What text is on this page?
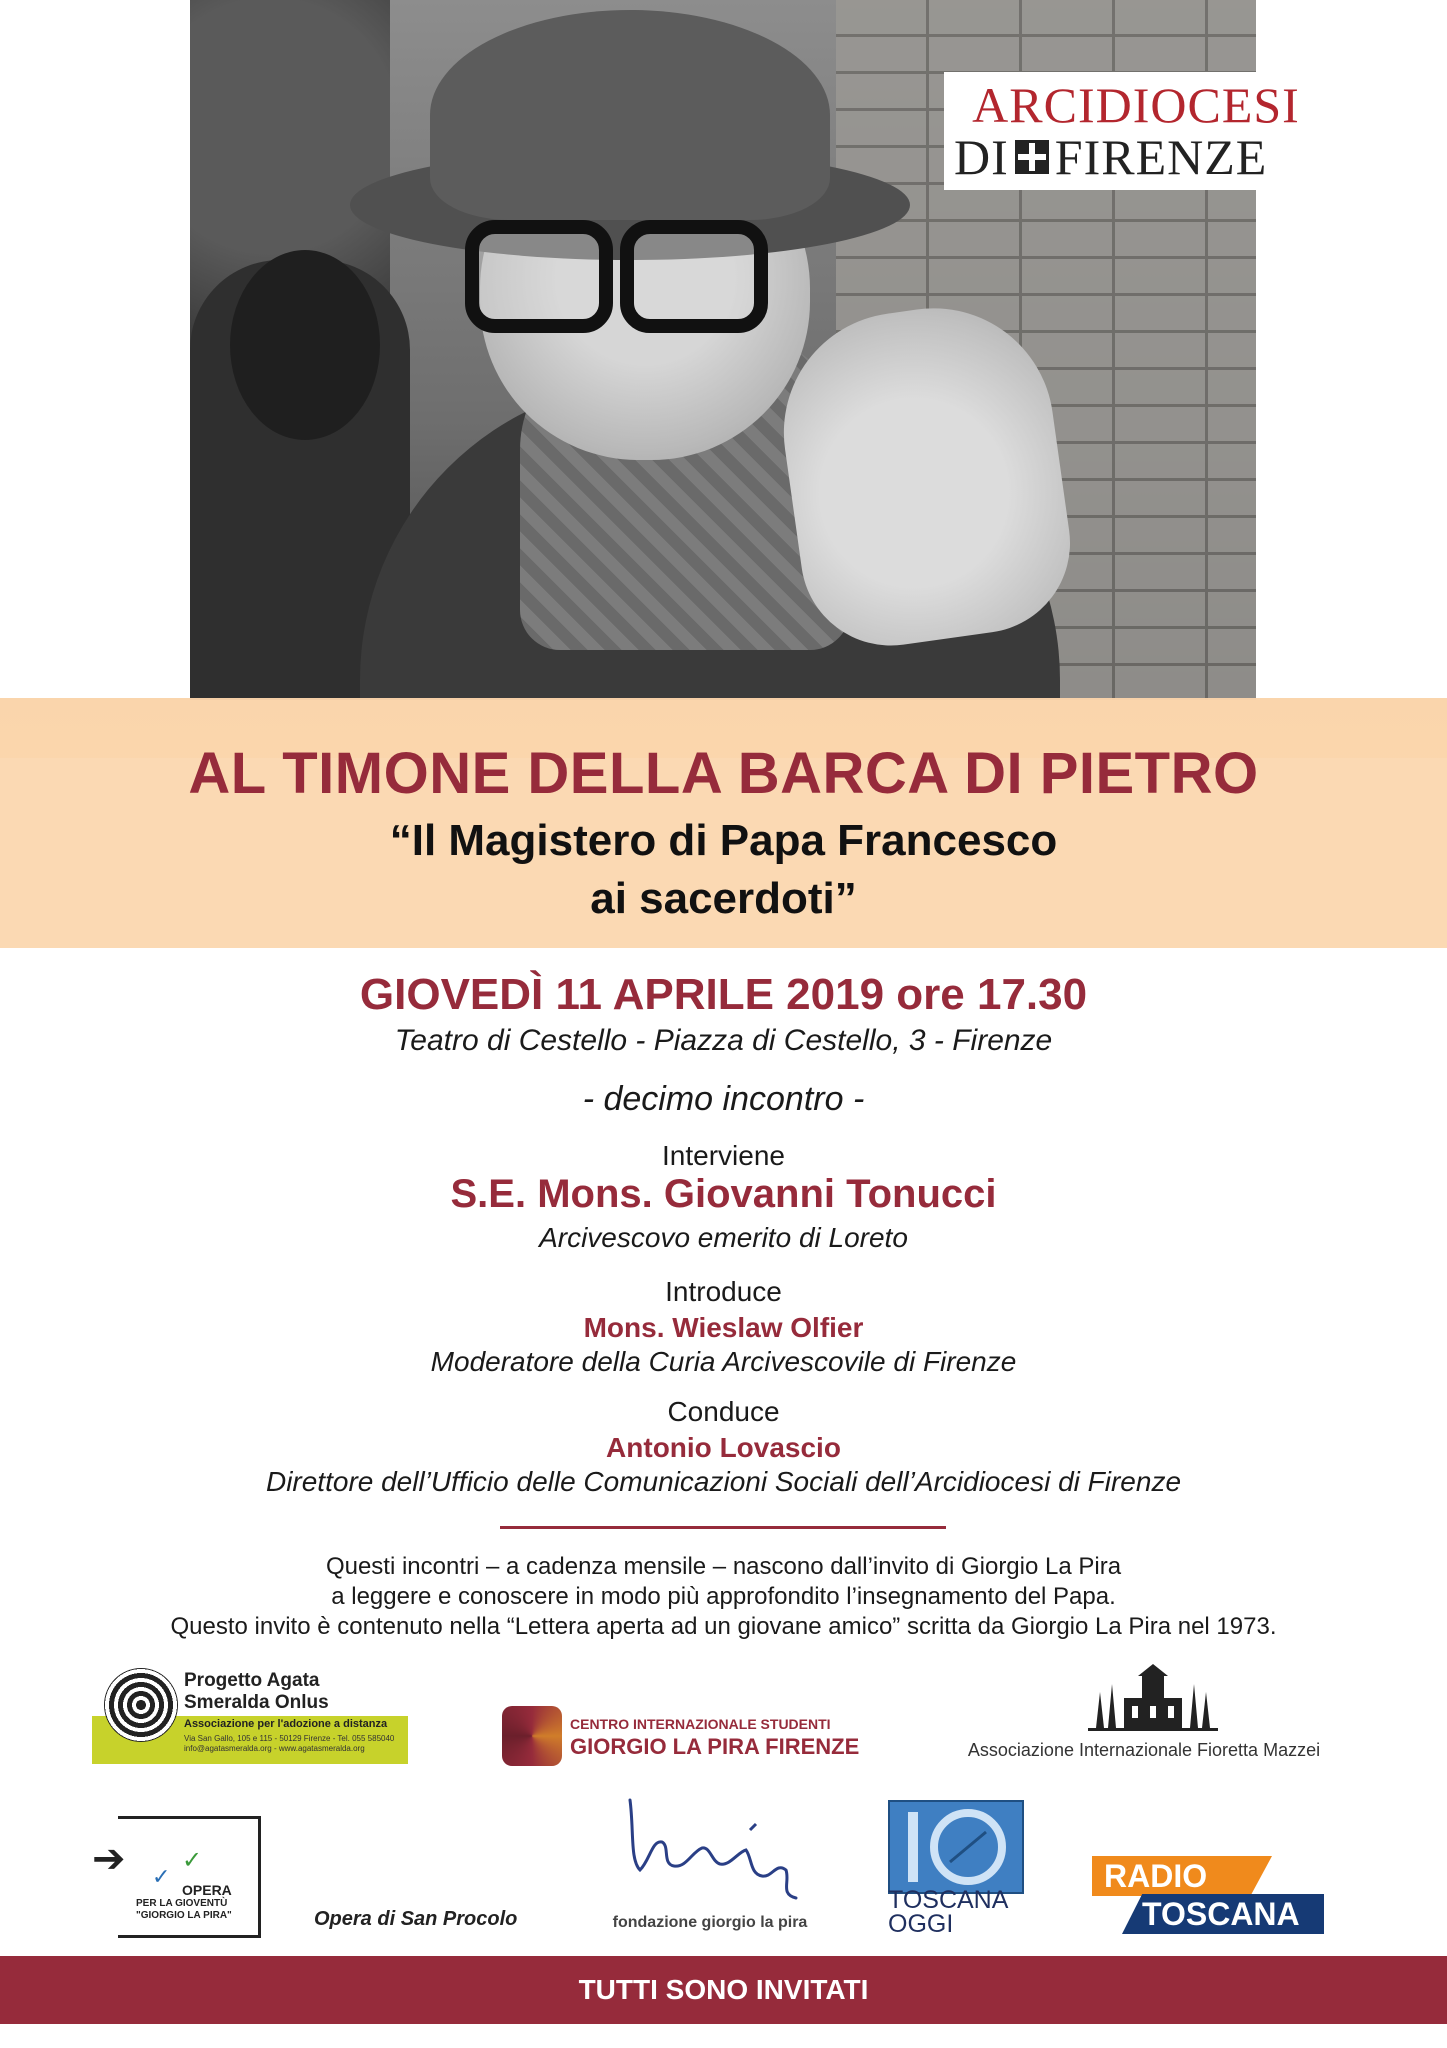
ARCIDIOCESI
DI FIRENZE
AL TIMONE DELLA BARCA DI PIETRO
“Il Magistero di Papa Francesco
ai sacerdoti”
GIOVEDÌ 11 APRILE 2019 ore 17.30
Teatro di Cestello - Piazza di Cestello, 3 - Firenze
- decimo incontro -
Interviene
S.E. Mons. Giovanni Tonucci
Arcivescovo emerito di Loreto
Introduce
Mons. Wieslaw Olfier
Moderatore della Curia Arcivescovile di Firenze
Conduce
Antonio Lovascio
Direttore dell’Ufficio delle Comunicazioni Sociali dell’Arcidiocesi di Firenze
Questi incontri – a cadenza mensile – nascono dall’invito di Giorgio La Pira
a leggere e conoscere in modo più approfondito l’insegnamento del Papa.
Questo invito è contenuto nella “Lettera aperta ad un giovane amico” scritta da Giorgio La Pira nel 1973.
Progetto Agata
Smeralda Onlus
Associazione per l'adozione a distanza
Via San Gallo, 105 e 115 - 50129 Firenze - Tel. 055 585040
info@agatasmeralda.org - www.agatasmeralda.org
CENTRO INTERNAZIONALE STUDENTI
GIORGIO LA PIRA FIRENZE	Associazione Internazionale Fioretta Mazzei
➔ ✓
✓
OPERA
PER LA GIOVENTÙ
"GIORGIO LA PIRA"	Opera di San Procolo	fondazione giorgio la pira
TOSCANA
OGGI
RADIO
TOSCANA
TUTTI SONO INVITATI
